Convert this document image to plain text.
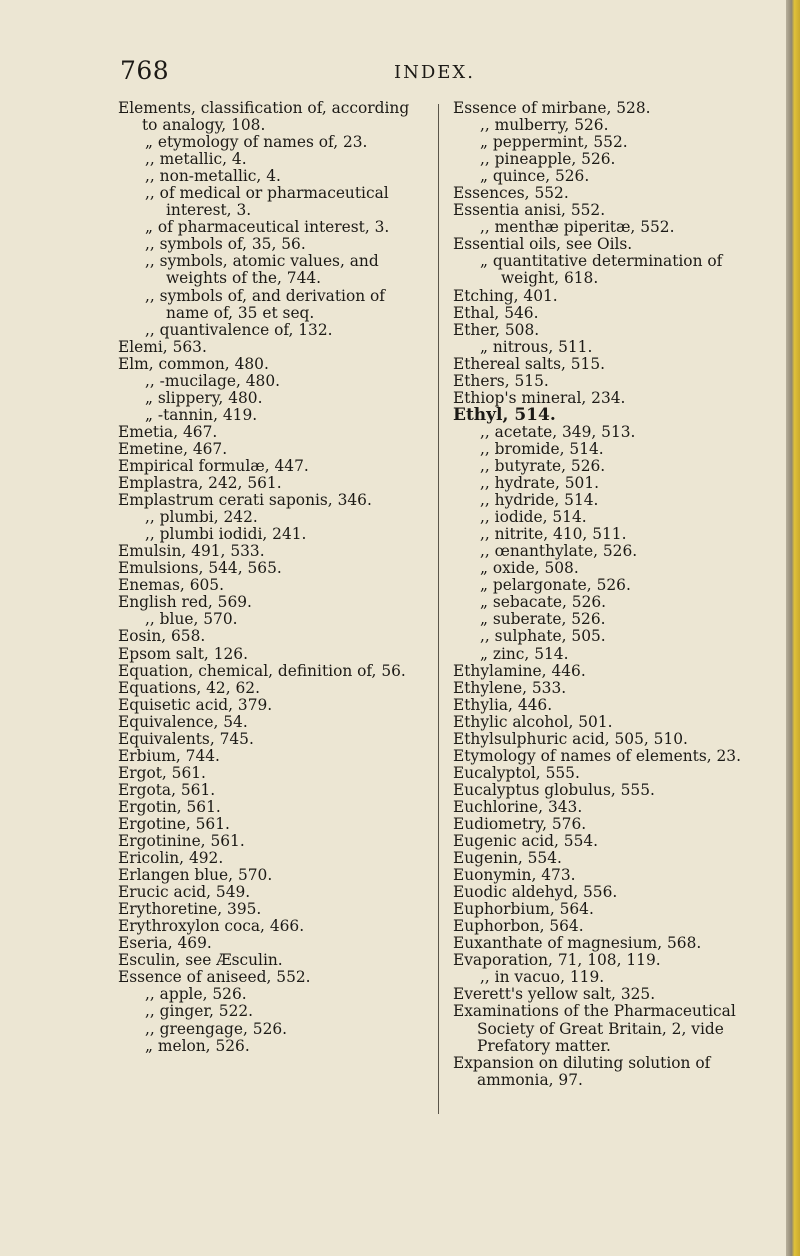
768	INDEX.

Elements, classification of, according to analogy, 108.

„ etymology of names of, 23.

,, metallic, 4.

,, non-metallic, 4.

,, of medical or pharmaceutical interest, 3.

„ of pharmaceutical interest, 3.

,, symbols of, 35, 56.

,, symbols, atomic values, and weights of the, 744.

,, symbols of, and derivation of name of, 35 et seq.

,, quantivalence of, 132.

Elemi, 563.

Elm, common, 480.

,, -mucilage, 480.

„ slippery, 480.

„ -tannin, 419.

Emetia, 467.

Emetine, 467.

Empirical formulæ, 447.

Emplastra, 242, 561.

Emplastrum cerati saponis, 346.

,, plumbi, 242.

,, plumbi iodidi, 241.

Emulsin, 491, 533.

Emulsions, 544, 565.

Enemas, 605.

English red, 569.

,, blue, 570.

Eosin, 658.

Epsom salt, 126.

Equation, chemical, definition of, 56.

Equations, 42, 62.

Equisetic acid, 379.

Equivalence, 54.

Equivalents, 745.

Erbium, 744.

Ergot, 561.

Ergota, 561.

Ergotin, 561.

Ergotine, 561.

Ergotinine, 561.

Ericolin, 492.

Erlangen blue, 570.

Erucic acid, 549.

Erythoretine, 395.

Erythroxylon coca, 466.

Eseria, 469.

Esculin, see Æsculin.

Essence of aniseed, 552.

,, apple, 526.

,, ginger, 522.

,, greengage, 526.

„ melon, 526.

Essence of mirbane, 528.

,, mulberry, 526.

„ peppermint, 552.

,, pineapple, 526.

„ quince, 526.

Essences, 552.

Essentia anisi, 552.

,, menthæ piperitæ, 552.

Essential oils, see Oils.

„ quantitative determination of weight, 618.

Etching, 401.

Ethal, 546.

Ether, 508.

„ nitrous, 511.

Ethereal salts, 515.

Ethers, 515.

Ethiop's mineral, 234.

Ethyl, 514.

,, acetate, 349, 513.

,, bromide, 514.

,, butyrate, 526.

,, hydrate, 501.

,, hydride, 514.

,, iodide, 514.

,, nitrite, 410, 511.

,, œnanthylate, 526.

„ oxide, 508.

„ pelargonate, 526.

„ sebacate, 526.

„ suberate, 526.

,, sulphate, 505.

„ zinc, 514.

Ethylamine, 446.

Ethylene, 533.

Ethylia, 446.

Ethylic alcohol, 501.

Ethylsulphuric acid, 505, 510.

Etymology of names of elements, 23.

Eucalyptol, 555.

Eucalyptus globulus, 555.

Euchlorine, 343.

Eudiometry, 576.

Eugenic acid, 554.

Eugenin, 554.

Euonymin, 473.

Euodic aldehyd, 556.

Euphorbium, 564.

Euphorbon, 564.

Euxanthate of magnesium, 568.

Evaporation, 71, 108, 119.

,, in vacuo, 119.

Everett's yellow salt, 325.

Examinations of the Pharmaceutical Society of Great Britain, 2, vide Prefatory matter.

Expansion on diluting solution of ammonia, 97.
